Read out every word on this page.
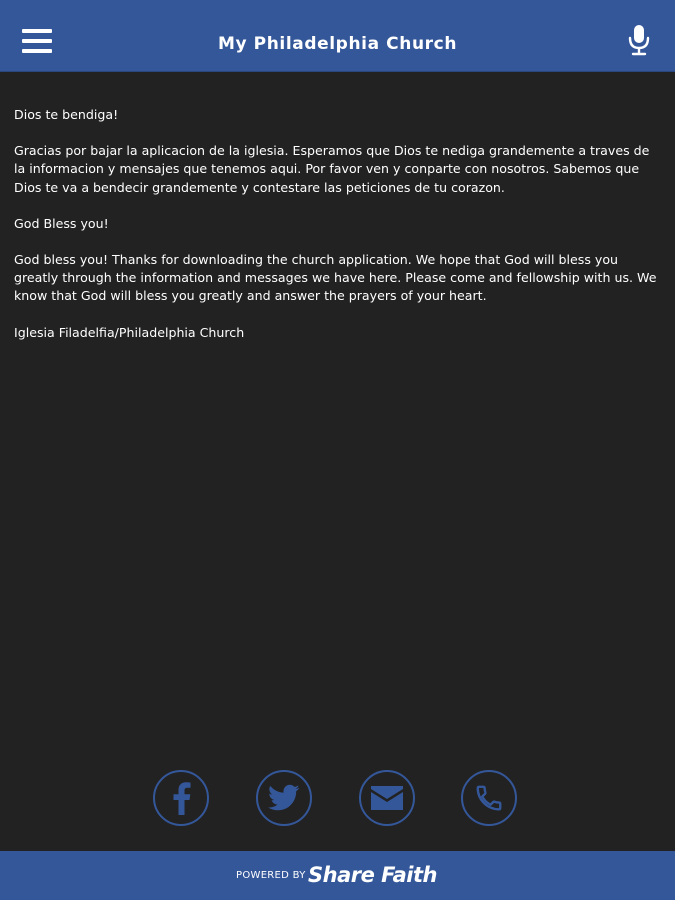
My Philadelphia Church

Dios te bendiga!

Gracias por bajar la aplicacion de la iglesia. Esperamos que Dios te nediga grandemente a traves de la informacion y mensajes que tenemos aqui. Por favor ven y conparte con nosotros. Sabemos que Dios te va a bendecir grandemente y contestare las peticiones de tu corazon.

God Bless you!

God bless you! Thanks for downloading the church application. We hope that God will bless you greatly through the information and messages we have here. Please come and fellowship with us. We know that God will bless you greatly and answer the prayers of your heart.

Iglesia Filadelfia/Philadelphia Church

POWERED BY Share Faith
